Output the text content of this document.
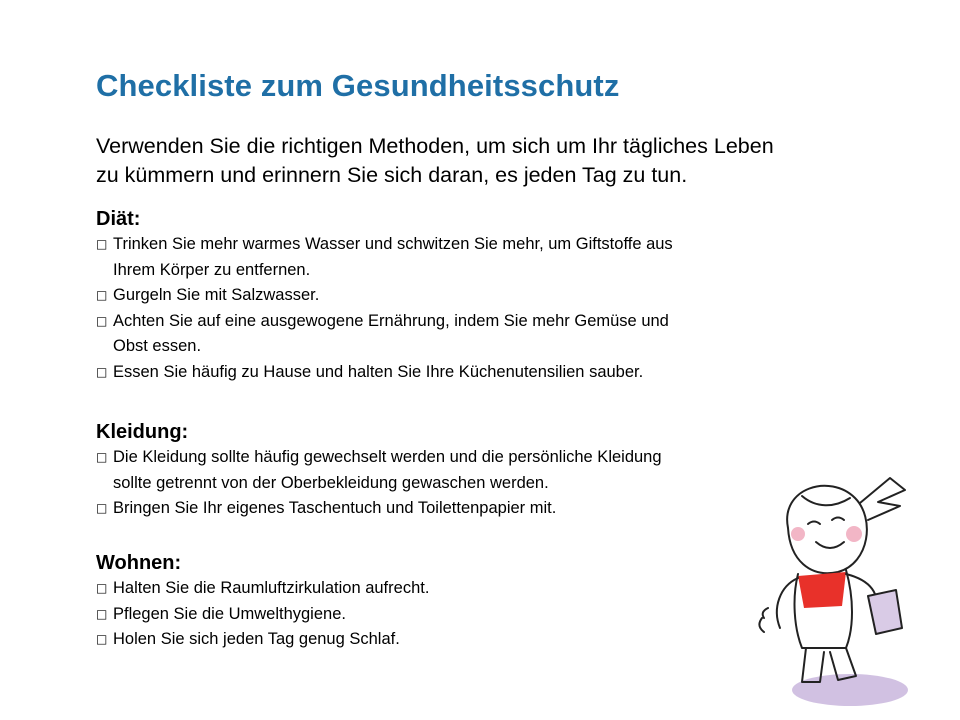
Checkliste zum Gesundheitsschutz

Verwenden Sie die richtigen Methoden, um sich um Ihr tägliches Leben
zu kümmern und erinnern Sie sich daran, es jeden Tag zu tun.

Diät:
□ Trinken Sie mehr warmes Wasser und schwitzen Sie mehr, um Giftstoffe aus
Ihrem Körper zu entfernen.
□ Gurgeln Sie mit Salzwasser.
□ Achten Sie auf eine ausgewogene Ernährung, indem Sie mehr Gemüse und
Obst essen.
□ Essen Sie häufig zu Hause und halten Sie Ihre Küchenutensilien sauber.
Kleidung:
□ Die Kleidung sollte häufig gewechselt werden und die persönliche Kleidung
sollte getrennt von der Oberbekleidung gewaschen werden.
□ Bringen Sie Ihr eigenes Taschentuch und Toilettenpapier mit.
Wohnen:
□ Halten Sie die Raumluftzirkulation aufrecht.
□ Pflegen Sie die Umwelthygiene.
□ Holen Sie sich jeden Tag genug Schlaf.
